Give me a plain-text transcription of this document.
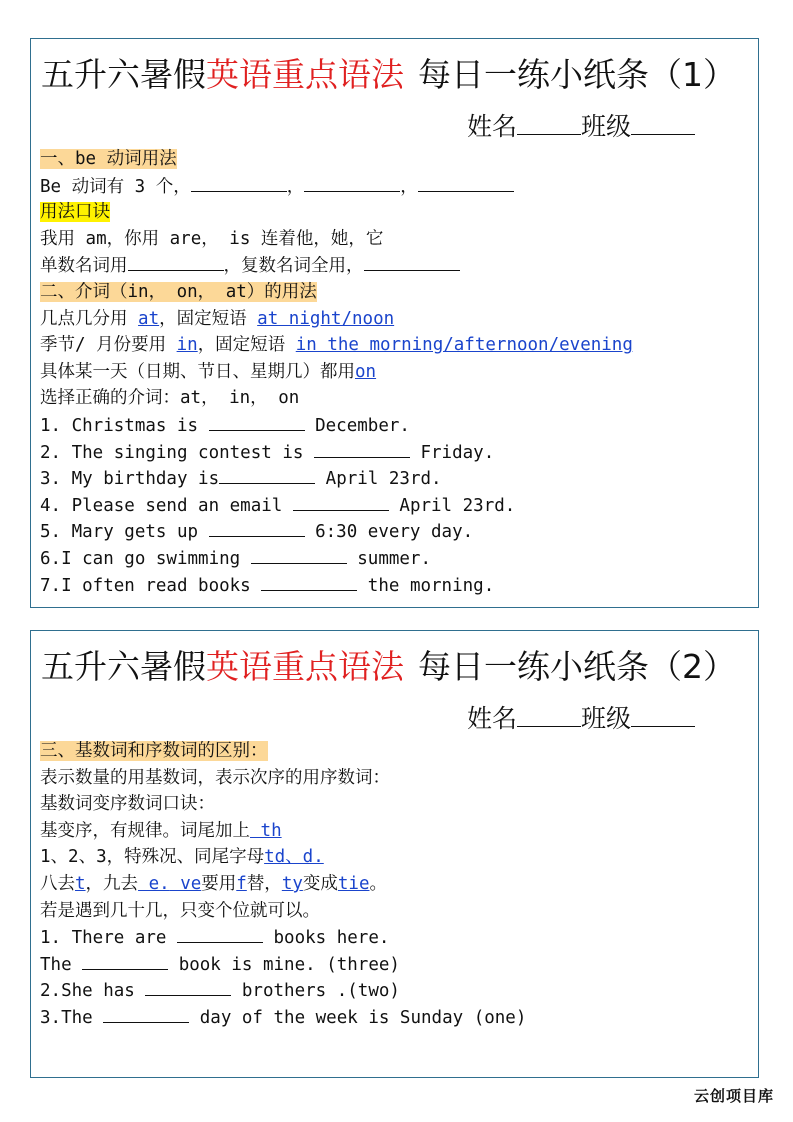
五升六暑假英语重点语法 每日一练小纸条（1）
姓名	班级
一、be 动词用法
Be 动词有 3 个，	，	，
用法口诀
我用 am，你用 are， is 连着他，她，它
单数名词用	，复数名词全用，
二、介词（in， on， at）的用法
几点几分用 at，固定短语 at night/noon
季节/ 月份要用 in，固定短语 in the morning/afternoon/evening
具体某一天（日期、节日、星期几）都用on
选择正确的介词：at， in， on
1. Christmas is	December.
2. The singing contest is	Friday.
3. My birthday is	April 23rd.
4. Please send an email	April 23rd.
5. Mary gets up	6:30 every day.
6.I can go swimming	summer.
7.I often read books	the morning.
五升六暑假英语重点语法 每日一练小纸条（2）
姓名	班级
三、基数词和序数词的区别：
表示数量的用基数词，表示次序的用序数词：
基数词变序数词口诀：
基变序，有规律。词尾加上 th
1、2、3，特殊况、同尾字母td、d.
八去t，九去 e. ve要用f替，ty变成tie。
若是遇到几十几，只变个位就可以。
1. There are	books here.
The	book is mine. (three)
2.She has	brothers .(two)
3.The	day of the week is Sunday (one)
云创项目库
